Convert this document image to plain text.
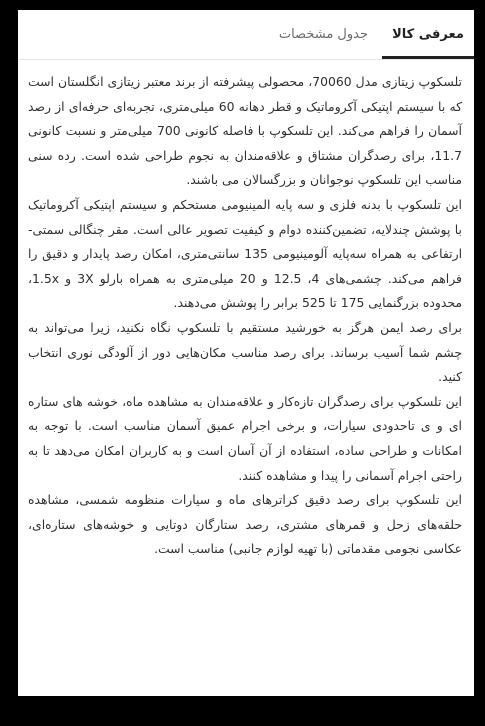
معرفی کالا
جدول مشخصات

تلسکوپ زیتازی مدل 70060، محصولی پیشرفته از برند معتبر زیتازی انگلستان است که با سیستم اپتیکی آکروماتیک و قطر دهانه 60 میلی‌متری، تجربه‌ای حرفه‌ای از رصد آسمان را فراهم می‌کند. این تلسکوپ با فاصله کانونی 700 میلی‌متر و نسبت کانونی 11.7، برای رصدگران مشتاق و علاقه‌مندان به نجوم طراحی شده است. رده سنی مناسب این تلسکوپ نوجوانان و بزرگسالان می باشند.

این تلسکوپ با بدنه فلزی و سه پایه المینیومی مستحکم و سیستم اپتیکی آکروماتیک با پوشش چندلایه، تضمین‌کننده دوام و کیفیت تصویر عالی است. مقر چنگالی سمتی-ارتفاعی به همراه سه‌پایه آلومینیومی 135 سانتی‌متری، امکان رصد پایدار و دقیق را فراهم می‌کند. چشمی‌های 4، 12.5 و 20 میلی‌متری به همراه بارلو 3X و 1.5x، محدوده بزرگنمایی 175 تا 525 برابر را پوشش می‌دهند.

برای رصد ایمن هرگز به خورشید مستقیم با تلسکوپ نگاه نکنید، زیرا می‌تواند به چشم شما آسیب برساند. برای رصد مناسب مکان‌هایی دور از آلودگی نوری انتخاب کنید.

این تلسکوپ برای رصدگران تازه‌کار و علاقه‌مندان به مشاهده ماه، خوشه های ستاره ای و ی تاحدودی سیارات، و برخی اجرام عمیق آسمان مناسب است. با توجه به امکانات و طراحی ساده، استفاده از آن آسان است و به کاربران امکان می‌دهد تا به راحتی اجرام آسمانی را پیدا و مشاهده کنند.

این تلسکوپ برای رصد دقیق کراترهای ماه و سیارات منظومه شمسی، مشاهده حلقه‌های زحل و قمرهای مشتری، رصد ستارگان دوتایی و خوشه‌های ستاره‌ای، عکاسی نجومی مقدماتی (با تهیه لوازم جانبی) مناسب است.
